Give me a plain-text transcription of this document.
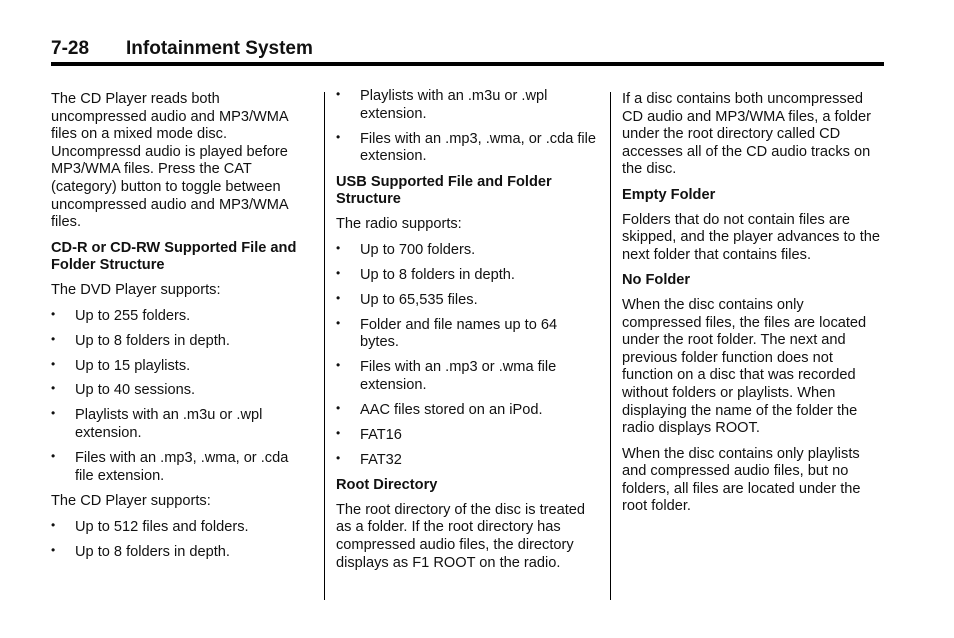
7-28 Infotainment System

The CD Player reads both uncompressed audio and MP3/WMA files on a mixed mode disc. Uncompressd audio is played before MP3/WMA files. Press the CAT (category) button to toggle between uncompressed audio and MP3/WMA files.

CD-R or CD-RW Supported File and Folder Structure

The DVD Player supports:

• Up to 255 folders.
• Up to 8 folders in depth.
• Up to 15 playlists.
• Up to 40 sessions.
• Playlists with an .m3u or .wpl extension.
• Files with an .mp3, .wma, or .cda file extension.

The CD Player supports:

• Up to 512 files and folders.
• Up to 8 folders in depth.
• Playlists with an .m3u or .wpl extension.
• Files with an .mp3, .wma, or .cda file extension.

USB Supported File and Folder Structure

The radio supports:

• Up to 700 folders.
• Up to 8 folders in depth.
• Up to 65,535 files.
• Folder and file names up to 64 bytes.
• Files with an .mp3 or .wma file extension.
• AAC files stored on an iPod.
• FAT16
• FAT32

Root Directory

The root directory of the disc is treated as a folder. If the root directory has compressed audio files, the directory displays as F1 ROOT on the radio.

If a disc contains both uncompressed CD audio and MP3/WMA files, a folder under the root directory called CD accesses all of the CD audio tracks on the disc.

Empty Folder

Folders that do not contain files are skipped, and the player advances to the next folder that contains files.

No Folder

When the disc contains only compressed files, the files are located under the root folder. The next and previous folder function does not function on a disc that was recorded without folders or playlists. When displaying the name of the folder the radio displays ROOT.

When the disc contains only playlists and compressed audio files, but no folders, all files are located under the root folder.
